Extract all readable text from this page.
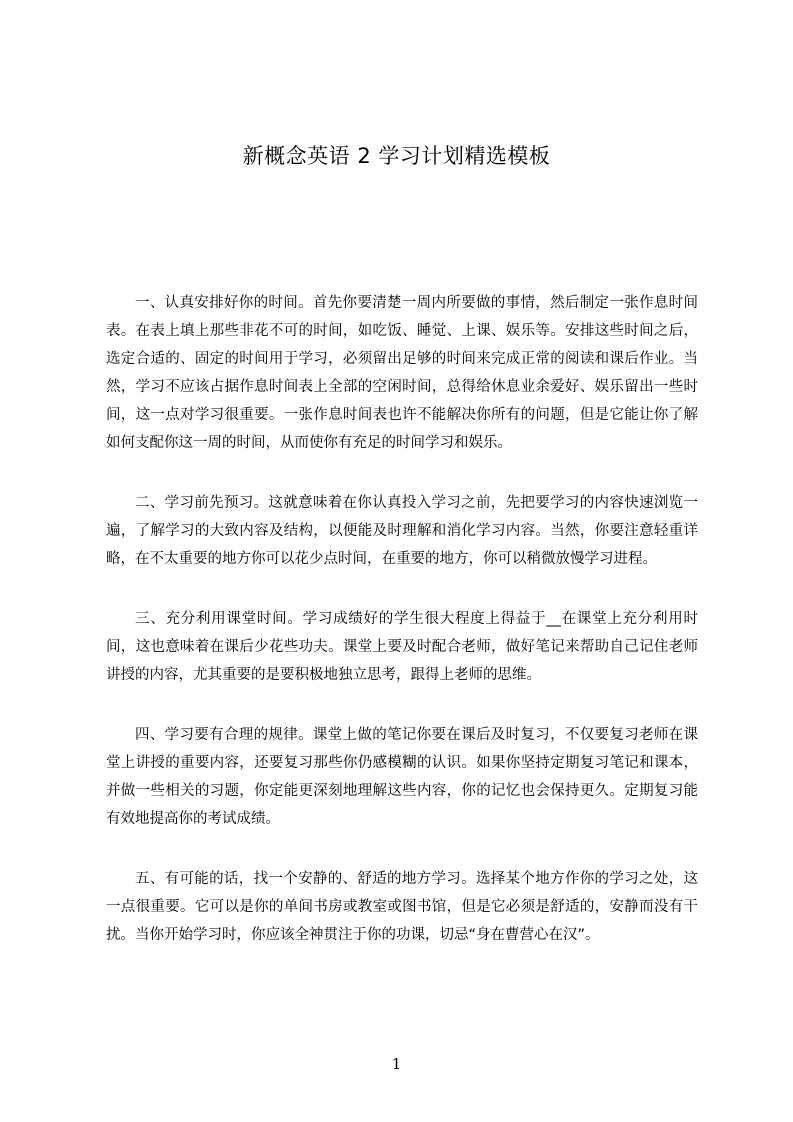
新概念英语 2 学习计划精选模板

一、认真安排好你的时间。首先你要清楚一周内所要做的事情，然后制定一张作息时间表。在表上填上那些非花不可的时间，如吃饭、睡觉、上课、娱乐等。安排这些时间之后，选定合适的、固定的时间用于学习，必须留出足够的时间来完成正常的阅读和课后作业。当然，学习不应该占据作息时间表上全部的空闲时间，总得给休息业余爱好、娱乐留出一些时间，这一点对学习很重要。一张作息时间表也许不能解决你所有的问题，但是它能让你了解如何支配你这一周的时间，从而使你有充足的时间学习和娱乐。

二、学习前先预习。这就意味着在你认真投入学习之前，先把要学习的内容快速浏览一遍，了解学习的大致内容及结构，以便能及时理解和消化学习内容。当然，你要注意轻重详略，在不太重要的地方你可以花少点时间，在重要的地方，你可以稍微放慢学习进程。

三、充分利用课堂时间。学习成绩好的学生很大程度上得益于__在课堂上充分利用时间，这也意味着在课后少花些功夫。课堂上要及时配合老师，做好笔记来帮助自己记住老师讲授的内容，尤其重要的是要积极地独立思考，跟得上老师的思维。

四、学习要有合理的规律。课堂上做的笔记你要在课后及时复习，不仅要复习老师在课堂上讲授的重要内容，还要复习那些你仍感模糊的认识。如果你坚持定期复习笔记和课本，并做一些相关的习题，你定能更深刻地理解这些内容，你的记忆也会保持更久。定期复习能有效地提高你的考试成绩。

五、有可能的话，找一个安静的、舒适的地方学习。选择某个地方作你的学习之处，这一点很重要。它可以是你的单间书房或教室或图书馆，但是它必须是舒适的，安静而没有干扰。当你开始学习时，你应该全神贯注于你的功课，切忌“身在曹营心在汉”。

1
